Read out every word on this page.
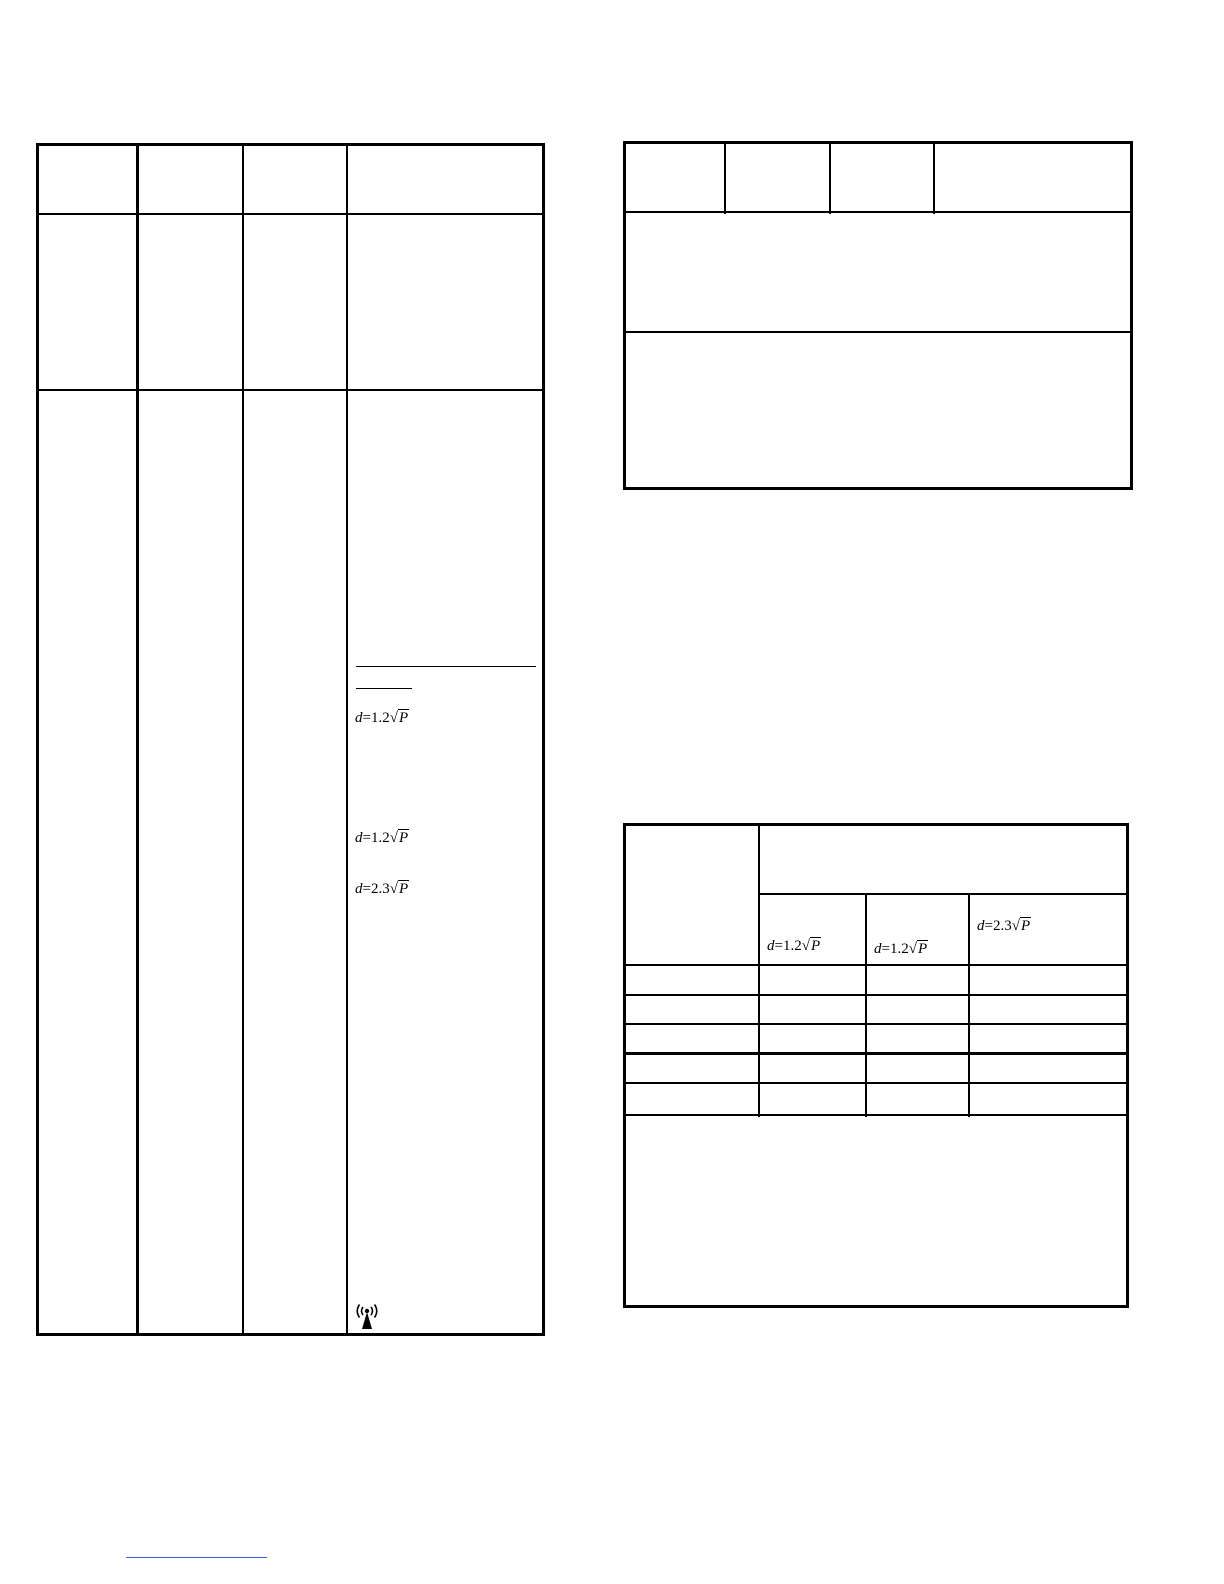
d=1.2√P
d=1.2√P
d=2.3√P
d=1.2√P	d=1.2√P
d=2.3√P
